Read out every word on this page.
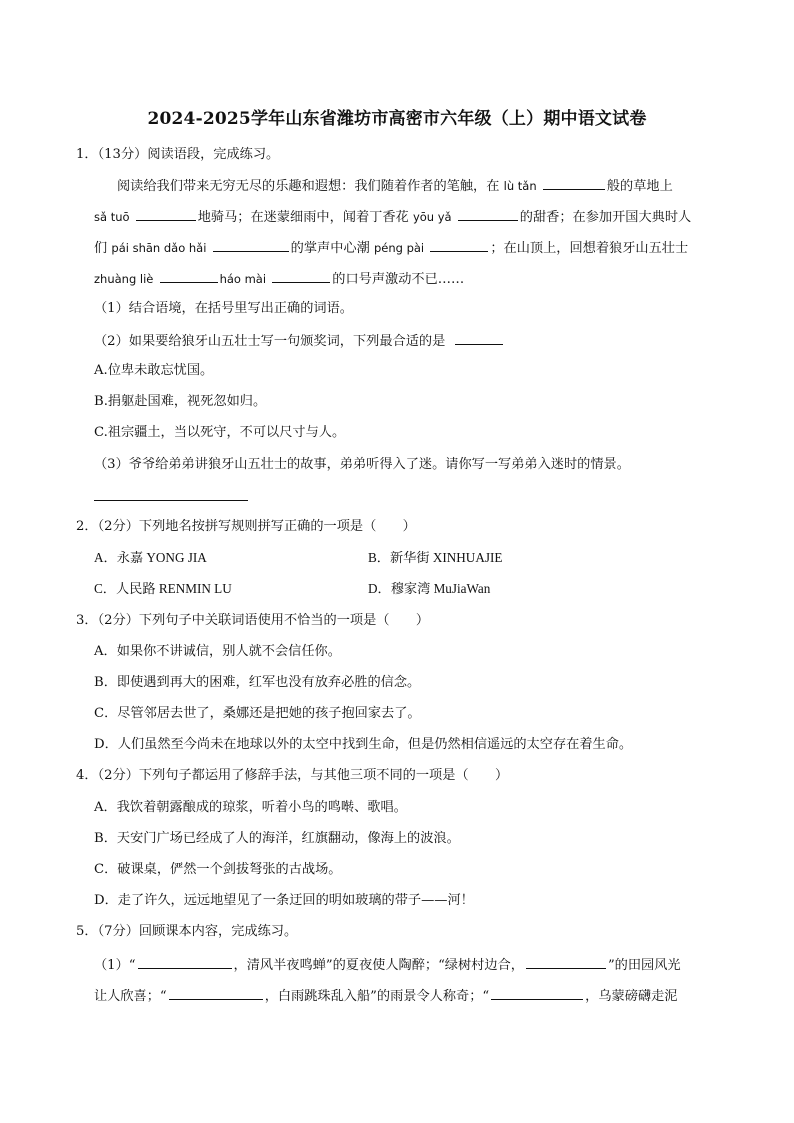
2024-2025学年山东省潍坊市高密市六年级（上）期中语文试卷
1．（13分）阅读语段，完成练习。
阅读给我们带来无穷无尽的乐趣和遐想：我们随着作者的笔触，在 lù tǎn	般的草地上
sǎ tuō	地骑马；在迷蒙细雨中，闻着丁香花 yōu yǎ	的甜香；在参加开国大典时人
们 pái shān dǎo hǎi	的掌声中心潮 péng pài	；在山顶上，回想着狼牙山五壮士
zhuàng liè	háo mài	的口号声激动不已……
（1）结合语境，在括号里写出正确的词语。
（2）如果要给狼牙山五壮士写一句颁奖词，下列最合适的是
A.位卑未敢忘忧国。
B.捐躯赴国难，视死忽如归。
C.祖宗疆土，当以死守，不可以尺寸与人。
（3）爷爷给弟弟讲狼牙山五壮士的故事，弟弟听得入了迷。请你写一写弟弟入迷时的情景。
2．（2分）下列地名按拼写规则拼写正确的一项是（　　）
A．永嘉 YONG JIA	B．新华街 XINHUAJIE
C．人民路 RENMIN LU	D．穆家湾 MuJiaWan
3．（2分）下列句子中关联词语使用不恰当的一项是（　　）
A．如果你不讲诚信，别人就不会信任你。
B．即使遇到再大的困难，红军也没有放弃必胜的信念。
C．尽管邻居去世了，桑娜还是把她的孩子抱回家去了。
D．人们虽然至今尚未在地球以外的太空中找到生命，但是仍然相信遥远的太空存在着生命。
4．（2分）下列句子都运用了修辞手法，与其他三项不同的一项是（　　）
A．我饮着朝露酿成的琼浆，听着小鸟的鸣啭、歌唱。
B．天安门广场已经成了人的海洋，红旗翻动，像海上的波浪。
C．破课桌，俨然一个剑拔弩张的古战场。
D．走了许久，远远地望见了一条迂回的明如玻璃的带子——河！
5．（7分）回顾课本内容，完成练习。
（1）“	，清风半夜鸣蝉”的夏夜使人陶醉；“绿树村边合，	”的田园风光
让人欣喜；“	，白雨跳珠乱入船”的雨景令人称奇；“	，乌蒙磅礴走泥
